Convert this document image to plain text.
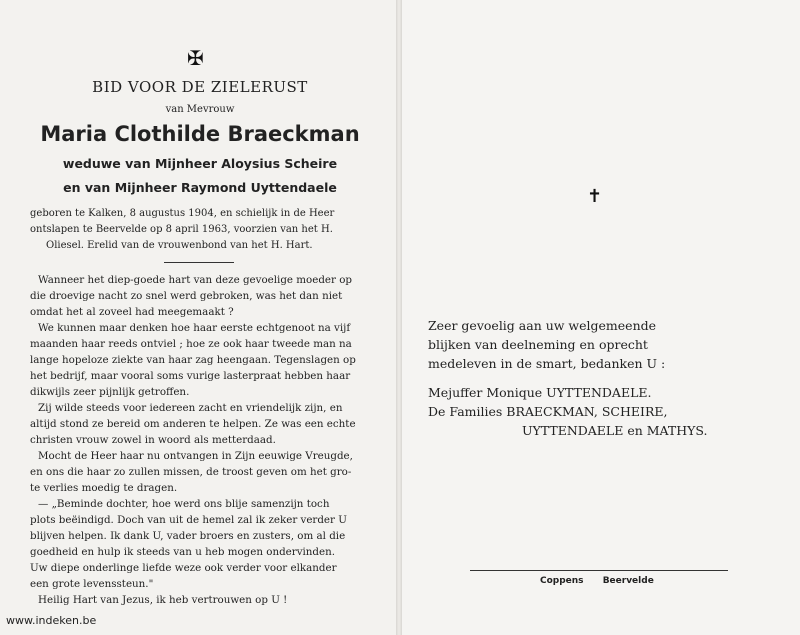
✠
BID VOOR DE ZIELERUST
van Mevrouw
Maria Clothilde Braeckman
weduwe van Mijnheer Aloysius Scheire
en van Mijnheer Raymond Uyttendaele
geboren te Kalken, 8 augustus 1904, en schielijk in de Heer
ontslapen te Beervelde op 8 april 1963, voorzien van het H.
Oliesel. Erelid van de vrouwenbond van het H. Hart.
Wanneer het diep-goede hart van deze gevoelige moeder op
die droevige nacht zo snel werd gebroken, was het dan niet
omdat het al zoveel had meegemaakt ?
We kunnen maar denken hoe haar eerste echtgenoot na vijf
maanden haar reeds ontviel ; hoe ze ook haar tweede man na
lange hopeloze ziekte van haar zag heengaan. Tegenslagen op
het bedrijf, maar vooral soms vurige lasterpraat hebben haar
dikwijls zeer pijnlijk getroffen.
Zij wilde steeds voor iedereen zacht en vriendelijk zijn, en
altijd stond ze bereid om anderen te helpen. Ze was een echte
christen vrouw zowel in woord als metterdaad.
Mocht de Heer haar nu ontvangen in Zijn eeuwige Vreugde,
en ons die haar zo zullen missen, de troost geven om het gro-
te verlies moedig te dragen.
— „Beminde dochter, hoe werd ons blije samenzijn toch
plots beëindigd. Doch van uit de hemel zal ik zeker verder U
blijven helpen. Ik dank U, vader broers en zusters, om al die
goedheid en hulp ik steeds van u heb mogen ondervinden.
Uw diepe onderlinge liefde weze ook verder voor elkander
een grote levenssteun."
Heilig Hart van Jezus, ik heb vertrouwen op U !
✝
Zeer gevoelig aan uw welgemeende
blijken van deelneming en oprecht
medeleven in de smart, bedanken U :
Mejuffer Monique UYTTENDAELE.
De Families BRAECKMAN, SCHEIRE,
UYTTENDAELE en MATHYS.
Coppens Beervelde
www.indeken.be
